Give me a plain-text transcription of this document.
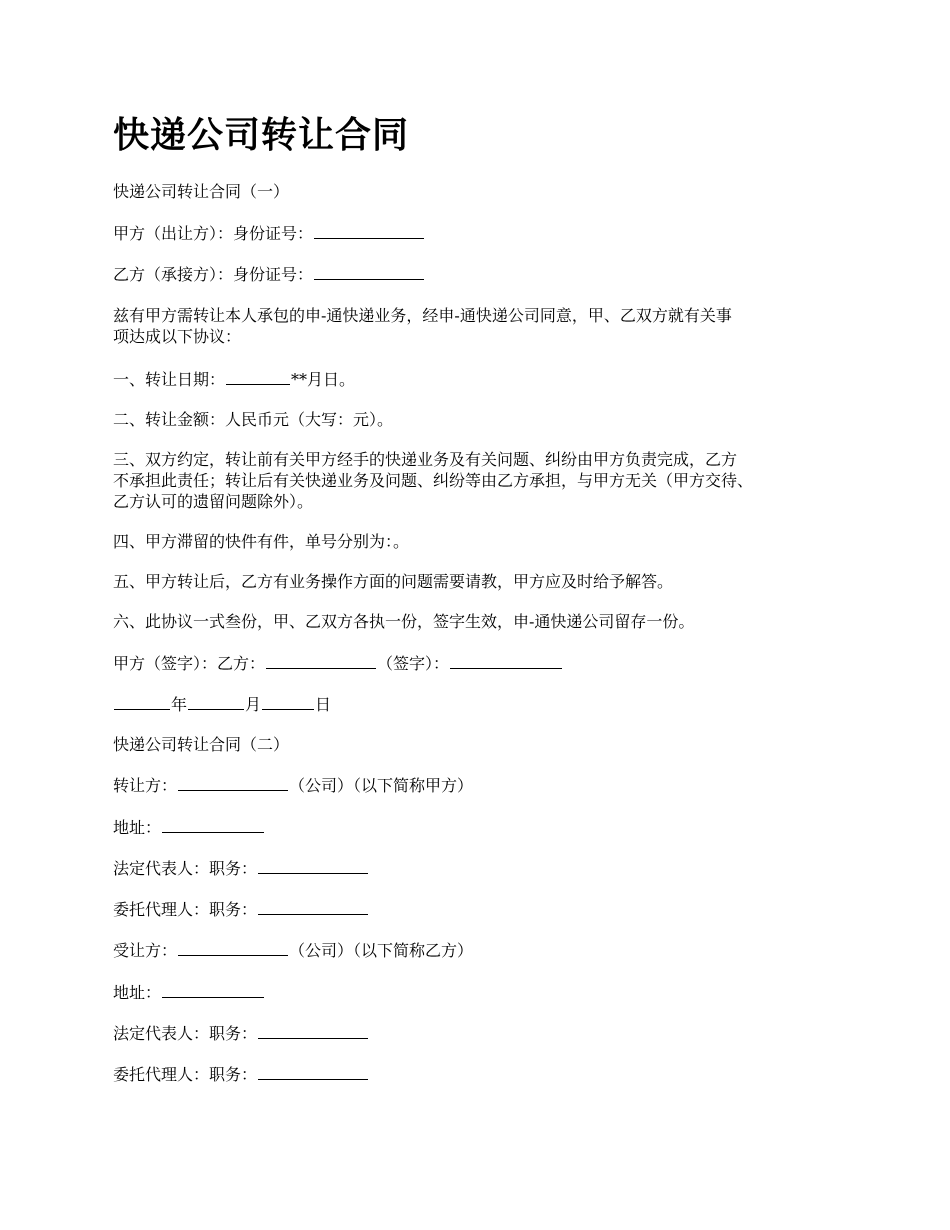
快递公司转让合同

快递公司转让合同（一）

甲方（出让方）：身份证号：

乙方（承接方）：身份证号：

兹有甲方需转让本人承包的申-通快递业务，经申-通快递公司同意，甲、乙双方就有关事
项达成以下协议：

一、转让日期：	**月日。

二、转让金额：人民币元（大写：元）。

三、双方约定，转让前有关甲方经手的快递业务及有关问题、纠纷由甲方负责完成，乙方
不承担此责任；转让后有关快递业务及问题、纠纷等由乙方承担，与甲方无关（甲方交待、
乙方认可的遗留问题除外）。

四、甲方滞留的快件有件，单号分别为：。

五、甲方转让后，乙方有业务操作方面的问题需要请教，甲方应及时给予解答。

六、此协议一式叁份，甲、乙双方各执一份，签字生效，申-通快递公司留存一份。

甲方（签字）：乙方：	（签字）：

年	月	日

快递公司转让合同（二）

转让方：	（公司）（以下简称甲方）

地址：

法定代表人：职务：

委托代理人：职务：

受让方：	（公司）（以下简称乙方）

地址：

法定代表人：职务：

委托代理人：职务：
